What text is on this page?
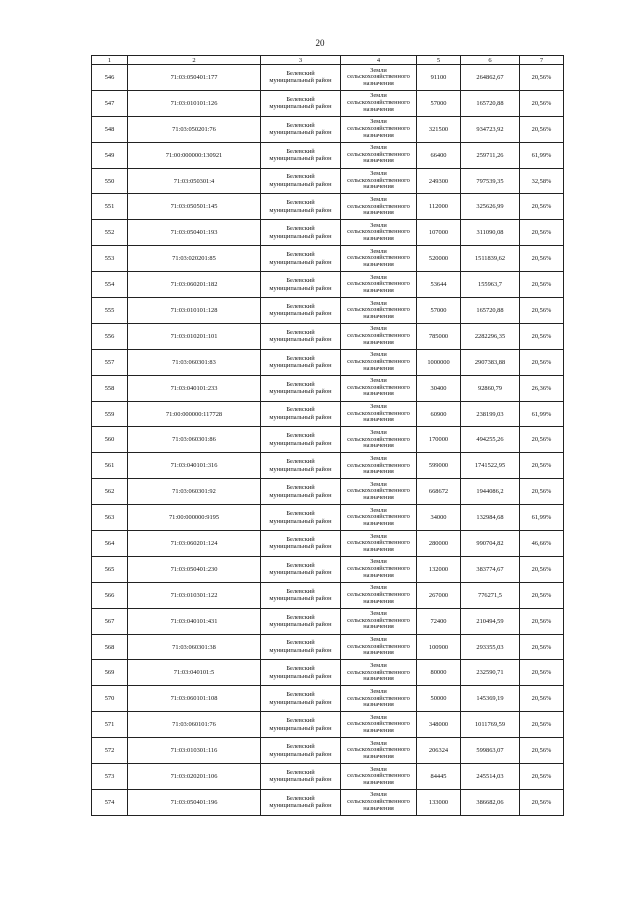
20
1	2	3	4	5	6	7
546	71:03:050401:177	Белевский
муниципальный район	Земли
сельскохозяйственного
назначения	91100	264862,67	20,56%
547	71:03:010101:126	Белевский
муниципальный район	Земли
сельскохозяйственного
назначения	57000	165720,88	20,56%
548	71:03:050201:76	Белевский
муниципальный район	Земли
сельскохозяйственного
назначения	321500	934723,92	20,56%
549	71:00:000000:130921	Белевский
муниципальный район	Земли
сельскохозяйственного
назначения	66400	259711,26	61,99%
550	71:03:050301:4	Белевский
муниципальный район	Земли
сельскохозяйственного
назначения	249300	797539,35	32,58%
551	71:03:050501:145	Белевский
муниципальный район	Земли
сельскохозяйственного
назначения	112000	325626,99	20,56%
552	71:03:050401:193	Белевский
муниципальный район	Земли
сельскохозяйственного
назначения	107000	311090,08	20,56%
553	71:03:020201:85	Белевский
муниципальный район	Земли
сельскохозяйственного
назначения	520000	1511839,62	20,56%
554	71:03:060201:182	Белевский
муниципальный район	Земли
сельскохозяйственного
назначения	53644	155963,7	20,56%
555	71:03:010101:128	Белевский
муниципальный район	Земли
сельскохозяйственного
назначения	57000	165720,88	20,56%
556	71:03:010201:101	Белевский
муниципальный район	Земли
сельскохозяйственного
назначения	785000	2282296,35	20,56%
557	71:03:060301:83	Белевский
муниципальный район	Земли
сельскохозяйственного
назначения	1000000	2907383,88	20,56%
558	71:03:040101:233	Белевский
муниципальный район	Земли
сельскохозяйственного
назначения	30400	92860,79	26,36%
559	71:00:000000:117728	Белевский
муниципальный район	Земли
сельскохозяйственного
назначения	60900	238199,03	61,99%
560	71:03:060301:86	Белевский
муниципальный район	Земли
сельскохозяйственного
назначения	170000	494255,26	20,56%
561	71:03:040101:316	Белевский
муниципальный район	Земли
сельскохозяйственного
назначения	599000	1741522,95	20,56%
562	71:03:060301:92	Белевский
муниципальный район	Земли
сельскохозяйственного
назначения	668672	1944086,2	20,56%
563	71:00:000000:9195	Белевский
муниципальный район	Земли
сельскохозяйственного
назначения	34000	132984,68	61,99%
564	71:03:060201:124	Белевский
муниципальный район	Земли
сельскохозяйственного
назначения	280000	990704,82	46,66%
565	71:03:050401:230	Белевский
муниципальный район	Земли
сельскохозяйственного
назначения	132000	383774,67	20,56%
566	71:03:010301:122	Белевский
муниципальный район	Земли
сельскохозяйственного
назначения	267000	776271,5	20,56%
567	71:03:040101:431	Белевский
муниципальный район	Земли
сельскохозяйственного
назначения	72400	210494,59	20,56%
568	71:03:060301:38	Белевский
муниципальный район	Земли
сельскохозяйственного
назначения	100900	293355,03	20,56%
569	71:03:040101:5	Белевский
муниципальный район	Земли
сельскохозяйственного
назначения	80000	232590,71	20,56%
570	71:03:060101:108	Белевский
муниципальный район	Земли
сельскохозяйственного
назначения	50000	145369,19	20,56%
571	71:03:060101:76	Белевский
муниципальный район	Земли
сельскохозяйственного
назначения	348000	1011769,59	20,56%
572	71:03:010301:116	Белевский
муниципальный район	Земли
сельскохозяйственного
назначения	206324	599863,07	20,56%
573	71:03:020201:106	Белевский
муниципальный район	Земли
сельскохозяйственного
назначения	84445	245514,03	20,56%
574	71:03:050401:196	Белевский
муниципальный район	Земли
сельскохозяйственного
назначения	133000	386682,06	20,56%
